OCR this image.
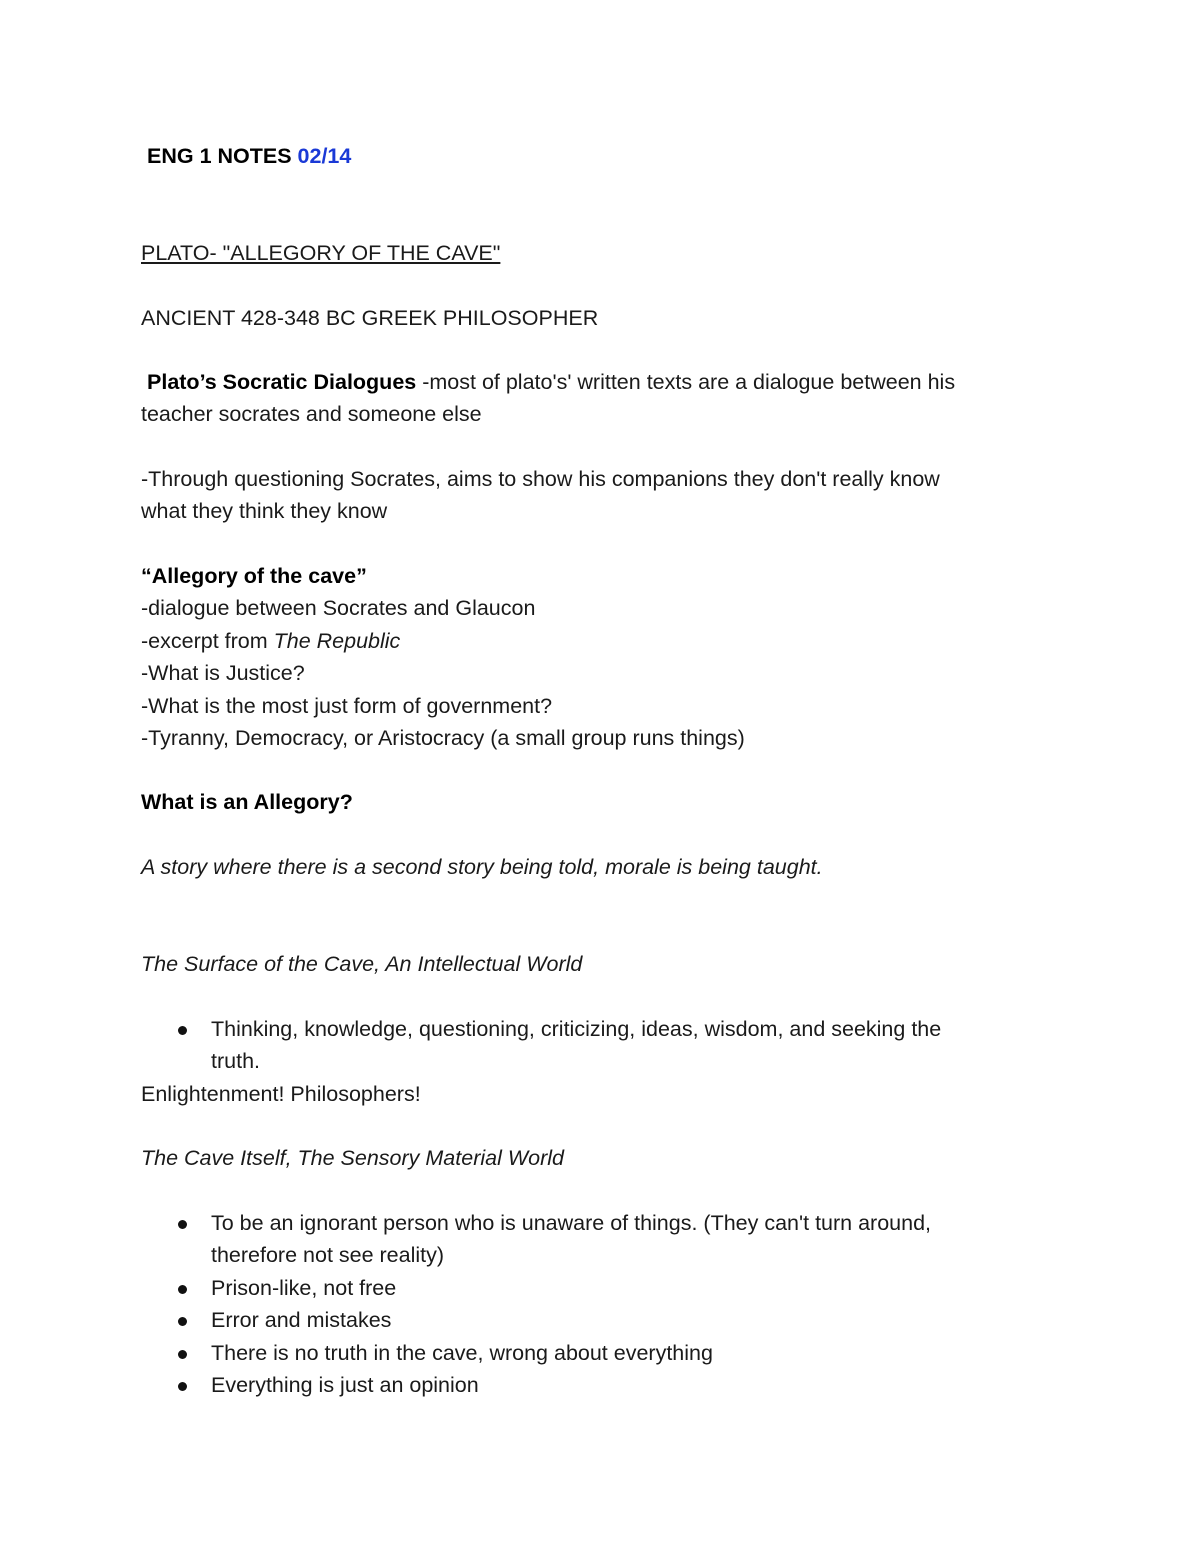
ENG 1 NOTES 02/14
PLATO- "ALLEGORY OF THE CAVE"
ANCIENT 428-348 BC GREEK PHILOSOPHER
Plato’s Socratic Dialogues -most of plato's' written texts are a dialogue between his
teacher socrates and someone else
-Through questioning Socrates, aims to show his companions they don't really know
what they think they know
“Allegory of the cave”
-dialogue between Socrates and Glaucon
-excerpt from The Republic
-What is Justice?
-What is the most just form of government?
-Tyranny, Democracy, or Aristocracy (a small group runs things)
What is an Allegory?
A story where there is a second story being told, morale is being taught.
The Surface of the Cave, An Intellectual World
Thinking, knowledge, questioning, criticizing, ideas, wisdom, and seeking the
truth.
Enlightenment! Philosophers!
The Cave Itself, The Sensory Material World
To be an ignorant person who is unaware of things. (They can't turn around,
therefore not see reality)
Prison-like, not free
Error and mistakes
There is no truth in the cave, wrong about everything
Everything is just an opinion
